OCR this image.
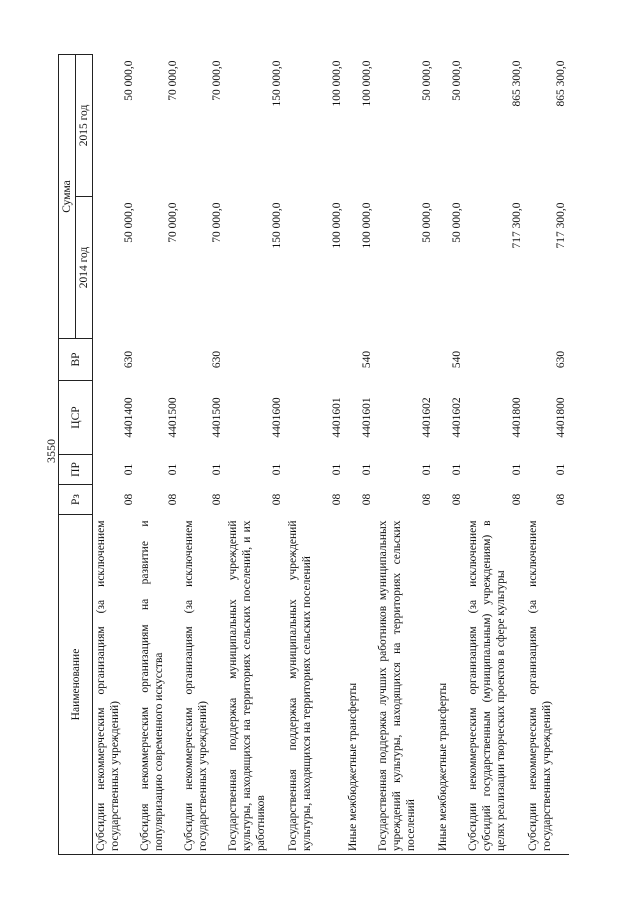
3550
Наименование	Рз	ПР	ЦСР	ВР	Сумма	
					2014 год	2015 год
Субсидии некоммерческим организациям (за исключением государственных учреждений)	08	01	4401400	630	50 000,0	50 000,0
Субсидия некоммерческим организациям на развитие и популяризацию современного искусства	08	01	4401500		70 000,0	70 000,0
Субсидии некоммерческим организациям (за исключением государственных учреждений)	08	01	4401500	630	70 000,0	70 000,0
Государственная поддержка муниципальных учреждений культуры, находящихся на территориях сельских поселений, и их работников	08	01	4401600		150 000,0	150 000,0
Государственная поддержка муниципальных учреждений культуры, находящихся на территориях сельских поселений	08	01	4401601		100 000,0	100 000,0
Иные межбюджетные трансферты	08	01	4401601	540	100 000,0	100 000,0
Государственная поддержка лучших работников муниципальных учреждений культуры, находящихся на территориях сельских поселений	08	01	4401602		50 000,0	50 000,0
Иные межбюджетные трансферты	08	01	4401602	540	50 000,0	50 000,0
Субсидии некоммерческим организациям (за исключением субсидий государственным (муниципальным) учреждениям) в целях реализации творческих проектов в сфере культуры	08	01	4401800		717 300,0	865 300,0
Субсидии некоммерческим организациям (за исключением государственных учреждений)	08	01	4401800	630	717 300,0	865 300,0
